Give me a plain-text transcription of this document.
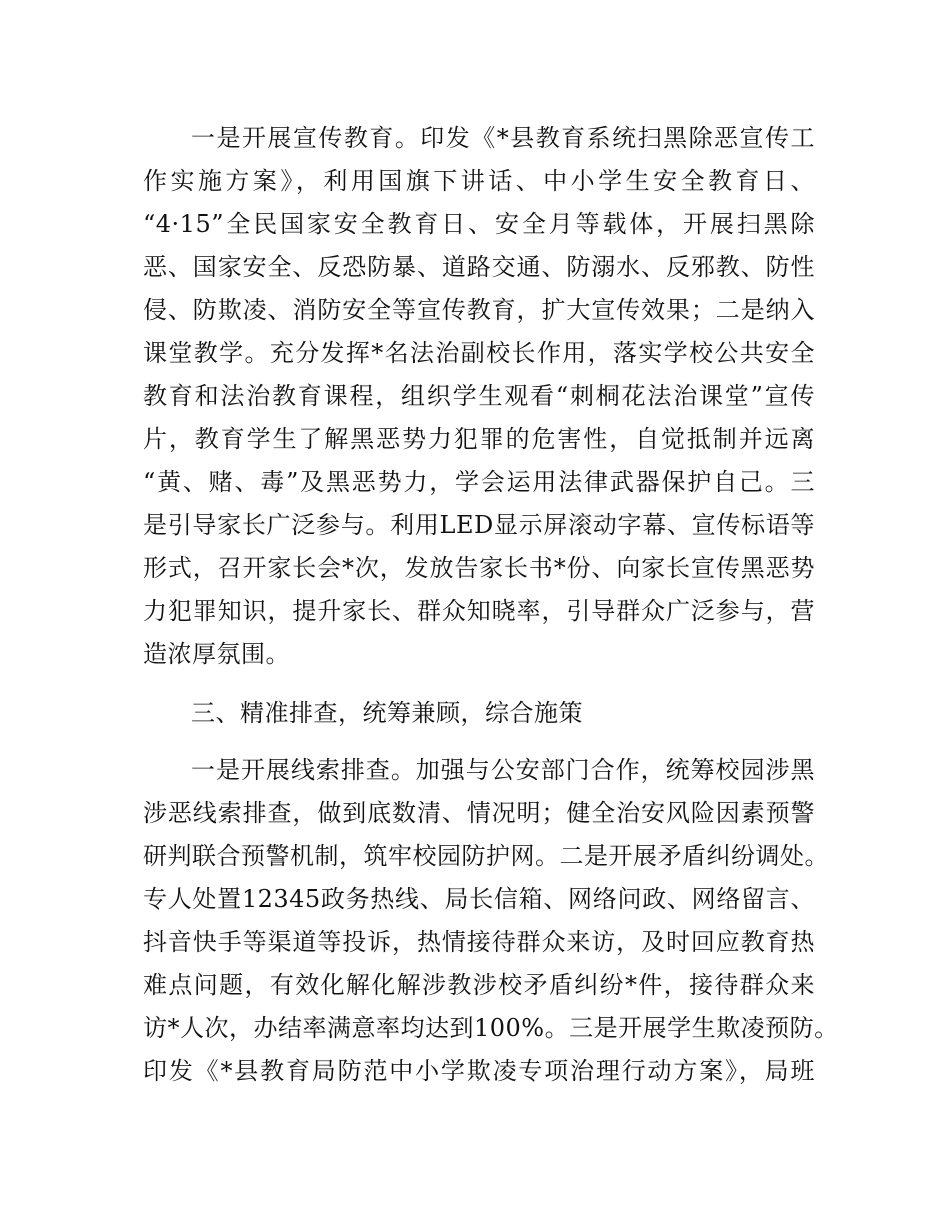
一是开展宣传教育。印发《*县教育系统扫黑除恶宣传工
作实施方案》，利用国旗下讲话、中小学生安全教育日、
“4·15”全民国家安全教育日、安全月等载体，开展扫黑除
恶、国家安全、反恐防暴、道路交通、防溺水、反邪教、防性
侵、防欺凌、消防安全等宣传教育，扩大宣传效果；二是纳入
课堂教学。充分发挥*名法治副校长作用，落实学校公共安全
教育和法治教育课程，组织学生观看“刺桐花法治课堂”宣传
片，教育学生了解黑恶势力犯罪的危害性，自觉抵制并远离
“黄、赌、毒”及黑恶势力，学会运用法律武器保护自己。三
是引导家长广泛参与。利用LED显示屏滚动字幕、宣传标语等
形式，召开家长会*次，发放告家长书*份、向家长宣传黑恶势
力犯罪知识，提升家长、群众知晓率，引导群众广泛参与，营
造浓厚氛围。
三、精准排查，统筹兼顾，综合施策
一是开展线索排查。加强与公安部门合作，统筹校园涉黑
涉恶线索排查，做到底数清、情况明；健全治安风险因素预警
研判联合预警机制，筑牢校园防护网。二是开展矛盾纠纷调处。
专人处置12345政务热线、局长信箱、网络问政、网络留言、
抖音快手等渠道等投诉，热情接待群众来访，及时回应教育热
难点问题，有效化解化解涉教涉校矛盾纠纷*件，接待群众来
访*人次，办结率满意率均达到100%。三是开展学生欺凌预防。
印发《*县教育局防范中小学欺凌专项治理行动方案》，局班
